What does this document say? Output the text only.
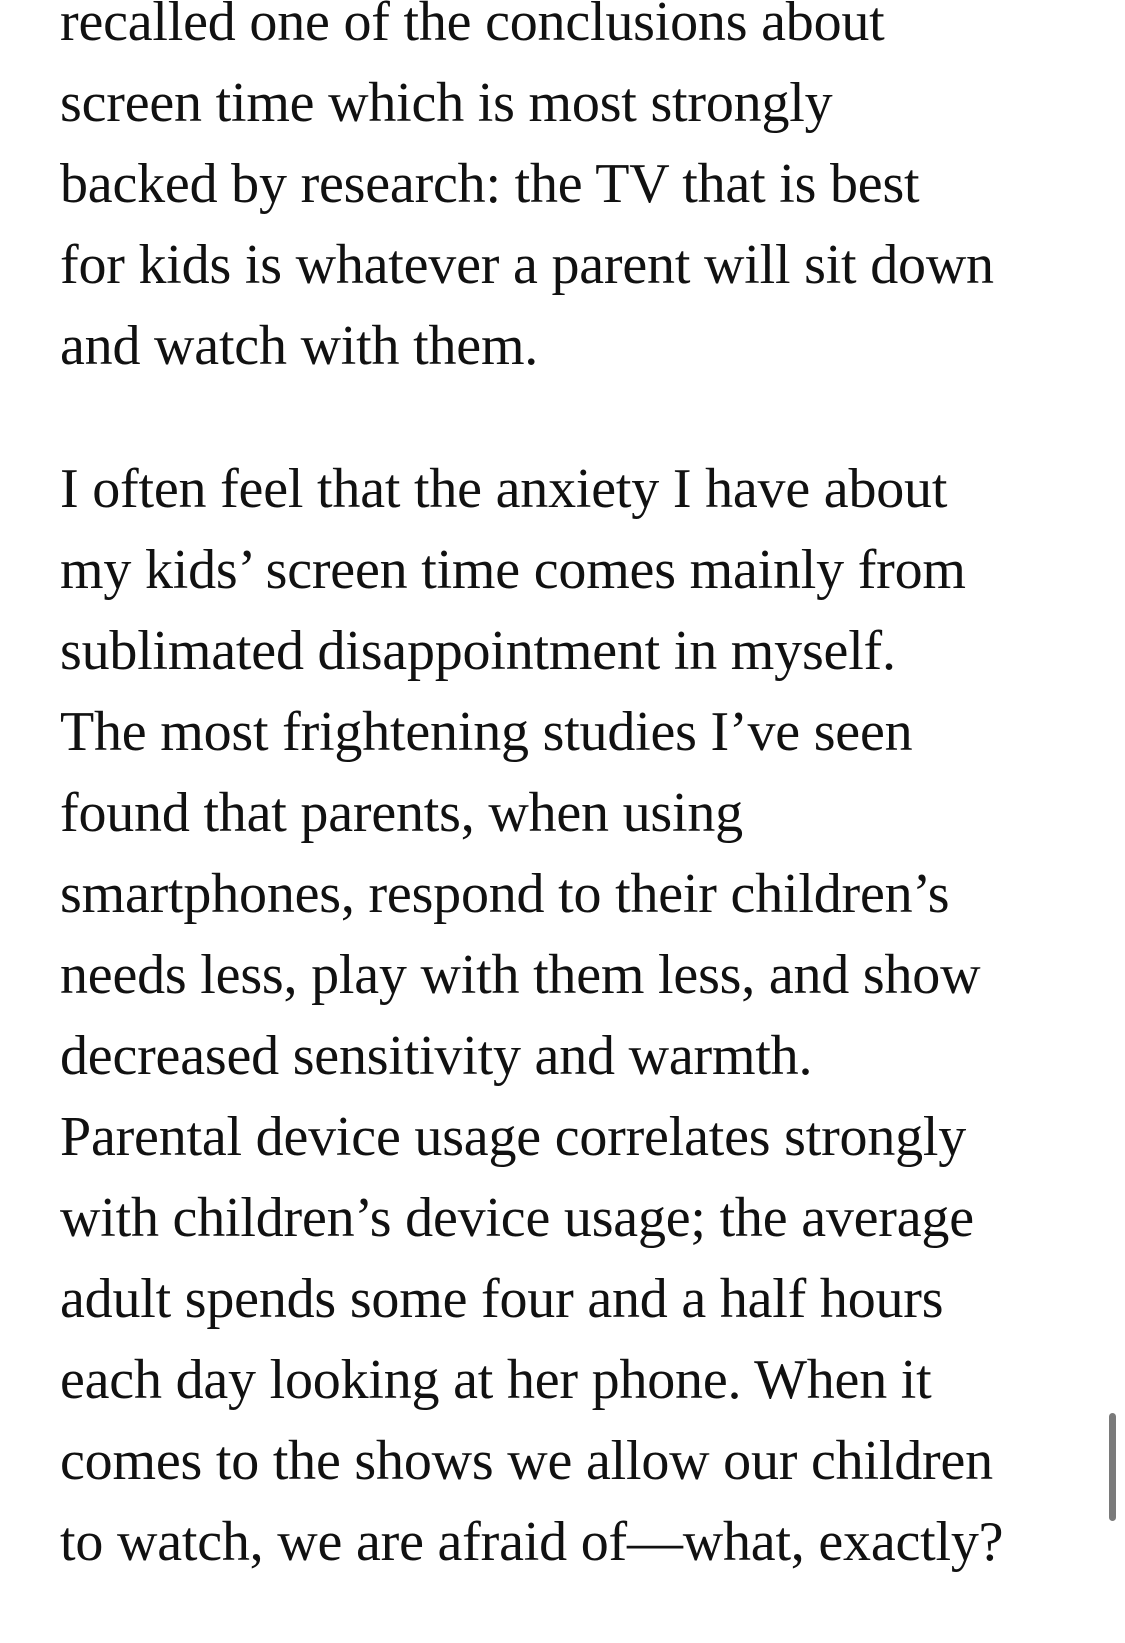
recalled one of the conclusions about
screen time which is most strongly
backed by research: the TV that is best
for kids is whatever a parent will sit down
and watch with them.

I often feel that the anxiety I have about
my kids’ screen time comes mainly from
sublimated disappointment in myself.
The most frightening studies I’ve seen
found that parents, when using
smartphones, respond to their children’s
needs less, play with them less, and show
decreased sensitivity and warmth.
Parental device usage correlates strongly
with children’s device usage; the average
adult spends some four and a half hours
each day looking at her phone. When it
comes to the shows we allow our children
to watch, we are afraid of—what, exactly?
